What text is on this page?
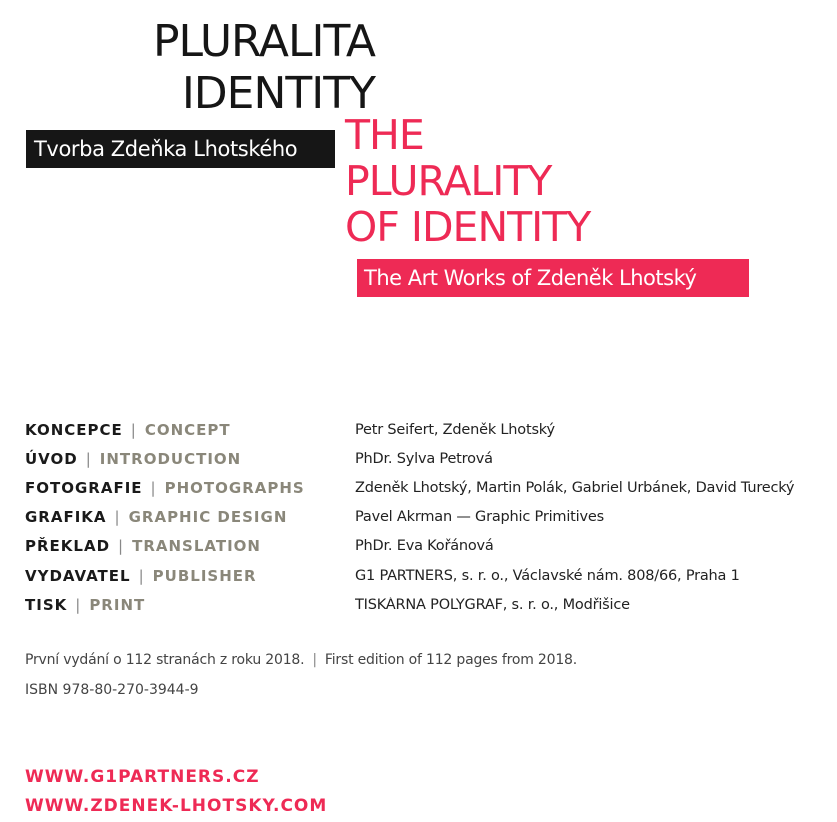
PLURALITA
IDENTITY
Tvorba Zdeňka Lhotského	THE
PLURALITY
OF IDENTITY
The Art Works of Zdeněk Lhotský
KONCEPCE | CONCEPT	Petr Seifert, Zdeněk Lhotský
ÚVOD | INTRODUCTION	PhDr. Sylva Petrová
FOTOGRAFIE | PHOTOGRAPHS	Zdeněk Lhotský, Martin Polák, Gabriel Urbánek, David Turecký
GRAFIKA | GRAPHIC DESIGN	Pavel Akrman — Graphic Primitives
PŘEKLAD | TRANSLATION	PhDr. Eva Kořánová
VYDAVATEL | PUBLISHER	G1 PARTNERS, s. r. o., Václavské nám. 808/66, Praha 1
TISK | PRINT	TISKÁRNA POLYGRAF, s. r. o., Modřišice
První vydání o 112 stranách z roku 2018. | First edition of 112 pages from 2018.
ISBN 978-80-270-3944-9
WWW.G1PARTNERS.CZ
WWW.ZDENEK-LHOTSKY.COM
